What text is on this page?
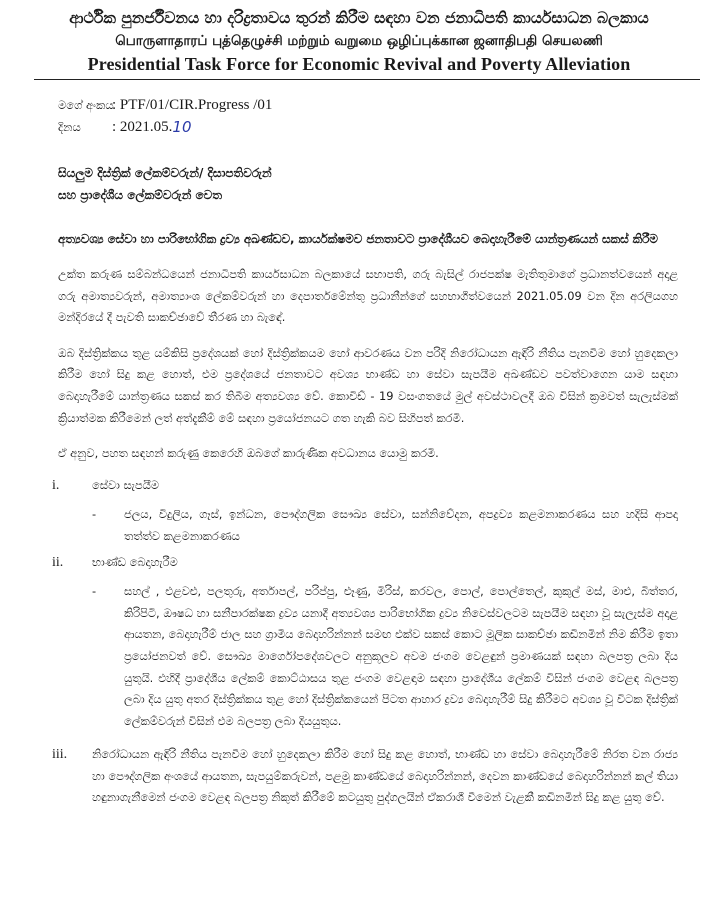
ආර්ථික පුනර්ජීවනය හා දරිද්‍රතාවය තුරන් කිරීම සඳහා වන ජනාධිපති කාර්යසාධන බලකාය
பொருளாதாரப் புத்தெழுச்சி மற்றும் வறுமை ஒழிப்புக்கான ஜனாதிபதி செயலணி
Presidential Task Force for Economic Revival and Poverty Alleviation
මගේ අංකය
: PTF/01/CIR.Progress /01
දිනය	: 2021.05. 10
සියලුම දිස්ත්‍රික් ලේකම්වරුන්/ දිසාපතිවරුන්
සහ ප්‍රාදේශීය ලේකම්වරුන් වෙත
අත්‍යවශ්‍ය සේවා හා පාරිභෝගික ද්‍රව්‍ය අඛණ්ඩව, කාර්යක්ෂමව ජනතාවට ප්‍රාදේශීයව බෙදාහැරීමේ යාන්ත්‍රණයන් සකස් කිරීම

උක්ත කරුණ සම්බන්ධයෙන් ජනාධිපති කාර්යසාධන බලකායේ සභාපති, ගරු බැසිල් රාජපක්ෂ මැතිතුමාගේ ප්‍රධානත්වයෙන් අදාළ ගරු අමාත්‍යවරුන්, අමාත්‍යාංශ ලේකම්වරුන් හා දෙපාර්තමේන්තු ප්‍රධානීන්ගේ සහභාගීත්වයෙන් 2021.05.09 වන දින අරලියගහ මන්දිරයේ දී පැවති සාකච්ඡාවේ තීරණ හා බැඳේ.

ඔබ දිස්ත්‍රික්කය තුළ යම්කිසි ප්‍රදේශයක් හෝ දිස්ත්‍රික්කයම හෝ ආවරණය වන පරිදි නිරෝධායන ඇඳිරි නීතිය පැනවීම හෝ හුදෙකලා කිරීම හෝ සිදු කළ හොත්, එම ප්‍රදේශයේ ජනතාවට අවශ්‍ය භාණ්ඩ හා සේවා සැපයීම අඛණ්ඩව පවත්වාගෙන යාම සඳහා බෙදාහැරීමේ යාන්ත්‍රණය සකස් කර තිබීම අත්‍යවශ්‍ය වේ. කොවිඩ් - 19 වසංගතයේ මුල් අවස්ථාවලදී ඔබ විසින් ක්‍රමවත් සැලැස්මක් ක්‍රියාත්මක කිරීමෙන් ලත් අත්දැකීම් මේ සඳහා ප්‍රයෝජනයට ගත හැකි බව සිහිපත් කරමි.

ඒ අනුව, පහත සඳහන් කරුණු කෙරෙහි ඔබගේ කාරුණික අවධානය යොමු කරමි.

i.	සේවා සැපයීම
-	ජලය, විදුලිය, ගෑස්, ඉන්ධන, පෞද්ගලික සෞඛ්‍ය සේවා, සන්නිවේදන, අපද්‍රව්‍ය කළමනාකරණය සහ හදිසි ආපදා තත්ත්ව කළමනාකරණය
ii.	භාණ්ඩ බෙදාහැරීම
-	සහල් , එළවළු, පලතුරු, අර්තාපල්, පරිප්පු, ළූණු, මිරිස්, කරවල, පොල්, පොල්තෙල්, කුකුල් මස්, මාළු, බිත්තර, කිරිපිටි, ඖෂධ හා සනීපාරක්ෂක ද්‍රව්‍ය යනාදී අත්‍යවශ්‍ය පාරිභෝගික ද්‍රව්‍ය නිවෙස්වලටම සැපයීම සඳහා වූ සැලැස්ම අදාළ ආයතන, බෙදාහැරීම් ජාල සහ ග්‍රාමීය බෙදාහරින්නන් සමඟ එක්ව සකස් කොට මූලික සාකච්ඡා කඩිනමින් නිම කිරීම ඉතා ප්‍රයෝජනවත් වේ. සෞඛ්‍ය මාර්ගෝපදේශවලට අනුකූලව අවම ජංගම වෙළඳුන් ප්‍රමාණයක් සඳහා බලපත්‍ර ලබා දිය යුතුයි. එහිදී ප්‍රාදේශීය ලේකම් කොට්ඨාසය තුළ ජංගම වෙළඳාම සඳහා ප්‍රාදේශීය ලේකම් විසින් ජංගම වෙළඳ බලපත්‍ර ලබා දිය යුතු අතර දිස්ත්‍රික්කය තුළ හෝ දිස්ත්‍රික්කයෙන් පිටත ආහාර ද්‍රව්‍ය බෙදාහැරීම් සිදු කිරීමට අවශ්‍ය වූ විටක දිස්ත්‍රික් ලේකම්වරුන් විසින් එම බලපත්‍ර ලබා දියයුතුය.
iii.	නිරෝධායන ඇඳිරි නීතිය පැනවීම හෝ හුදෙකලා කිරීම හෝ සිදු කළ හොත්, භාණ්ඩ හා සේවා බෙදාහැරීමේ නිරත වන රාජ්‍ය හා පෞද්ගලික අංශයේ ආයතන, සැපයුම්කරුවන්, පළමු කාණ්ඩයේ බෙදාහරින්නන්, දෙවන කාණ්ඩයේ බෙදාහරින්නන් කල් තියා හඳුනාගැනීමෙන් ජංගම වෙළඳ බලපත්‍ර නිකුත් කිරීමේ කටයුතු පුද්ගලයින් ඒකරාශී වීමෙන් වැළකී කඩිනමින් සිදු කළ යුතු වේ.
